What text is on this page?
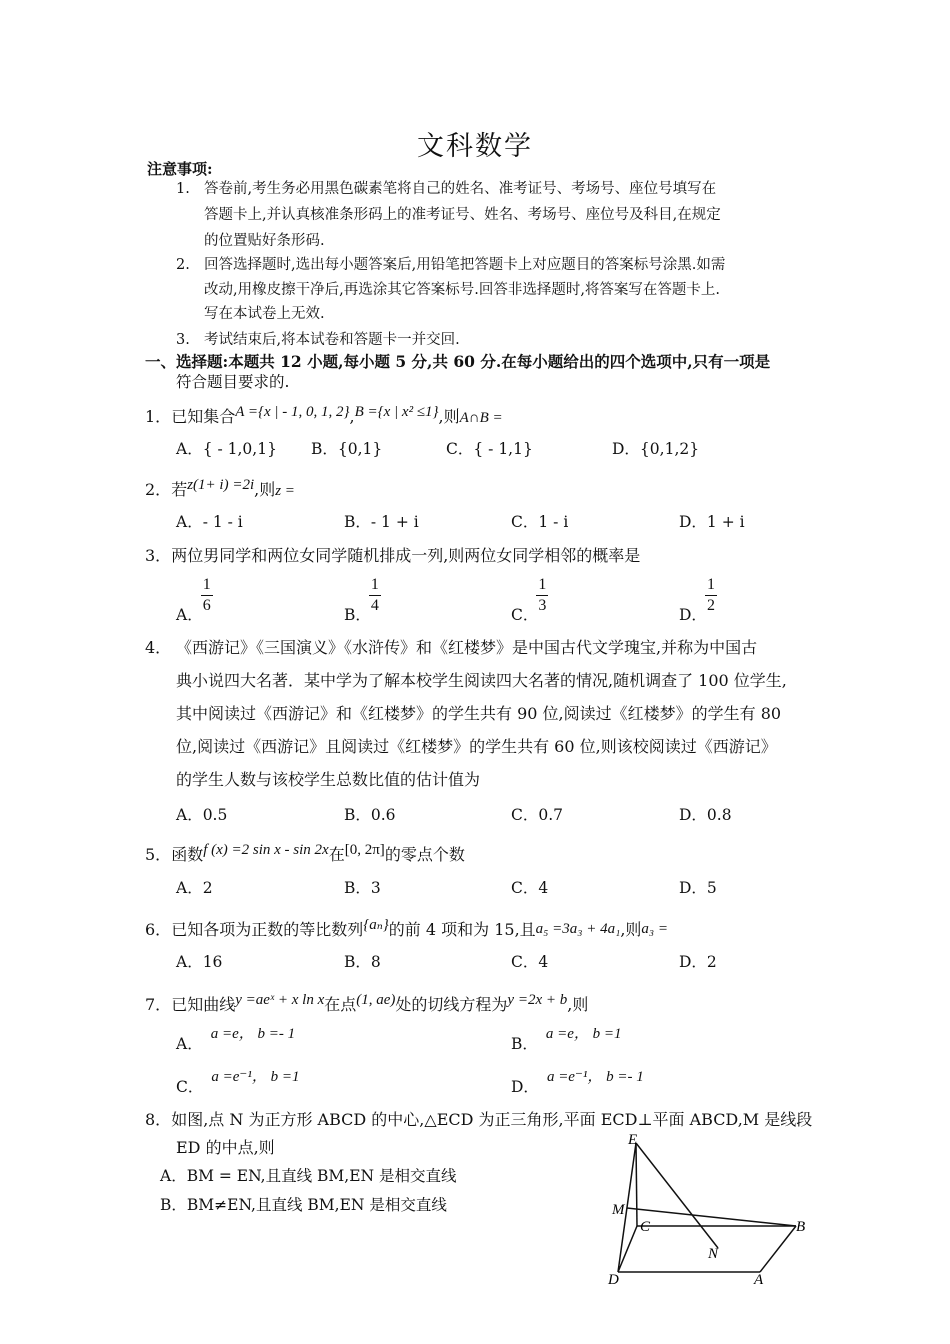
文科数学
注意事项:
1. 答卷前,考生务必用黑色碳素笔将自己的姓名、准考证号、考场号、座位号填写在
答题卡上,并认真核准条形码上的准考证号、姓名、考场号、座位号及科目,在规定
的位置贴好条形码.
2. 回答选择题时,选出每小题答案后,用铅笔把答题卡上对应题目的答案标号涂黑.如需
改动,用橡皮擦干净后,再选涂其它答案标号.回答非选择题时,将答案写在答题卡上.
写在本试卷上无效.
3. 考试结束后,将本试卷和答题卡一并交回.
一、选择题:本题共 12 小题,每小题 5 分,共 60 分.在每小题给出的四个选项中,只有一项是
符合题目要求的.
1．已知集合A ={x | - 1, 0, 1, 2},B ={x | x² ≤1},则A∩B =
A．{ - 1,0,1} B．{0,1}	C．{ - 1,1}	D．{0,1,2}
2．若z(1+ i) =2i,则z =
A．- 1 - i	B．- 1 + i	C．1 - i	D．1 + i
3．两位男同学和两位女同学随机排成一列,则两位女同学相邻的概率是
A．
$\frac{1}{6}$	B．
$\frac{1}{4}$	C．
$\frac{1}{3}$	D．
$\frac{1}{2}$
4． 《西游记》《三国演义》《水浒传》和《红楼梦》是中国古代文学瑰宝,并称为中国古
典小说四大名著．某中学为了解本校学生阅读四大名著的情况,随机调查了 100 位学生,
其中阅读过《西游记》和《红楼梦》的学生共有 90 位,阅读过《红楼梦》的学生有 80
位,阅读过《西游记》且阅读过《红楼梦》的学生共有 60 位,则该校阅读过《西游记》
的学生人数与该校学生总数比值的估计值为
A．0.5	B．0.6	C．0.7	D．0.8
5．函数f (x) =2 sin x - sin 2x在[0, 2π]的零点个数
A．2	B．3	C．4	D．5
6．已知各项为正数的等比数列{aₙ}的前 4 项和为 15,且a₅ =3a₃ + 4a₁,则a₃ =
A．16	B．8	C．4	D．2
7．已知曲线y =aeˣ + x ln x在点(1, ae)处的切线方程为y =2x + b,则
A．a =e， b =- 1
B．a =e， b =1
C．a =e⁻¹， b =1
D．a =e⁻¹， b =- 1
8．如图,点 N 为正方形 ABCD 的中心,△ECD 为正三角形,平面 ECD⊥平面 ABCD,M 是线段
ED 的中点,则
A．BM = EN,且直线 BM,EN 是相交直线
B．BM≠EN,且直线 BM,EN 是相交直线
E
M
C	B
N
D	A
